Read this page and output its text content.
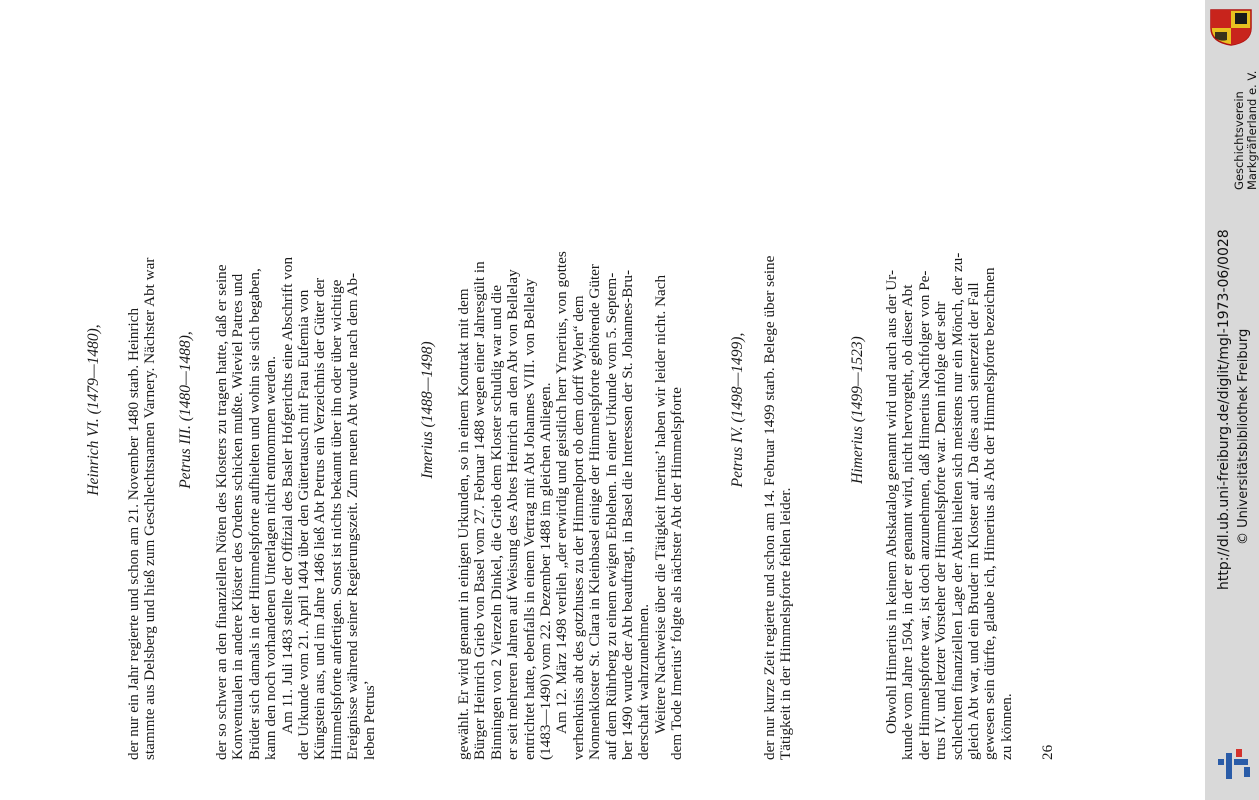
Heinrich VI. (1479—1480), der nur ein Jahr regierte und schon am 21. November 1480 starb. Heinrich stammte aus Delsberg und hieß zum Geschlechtsnamen Varnery. Nächster Abt war Petrus III. (1480—1488), der so schwer an den finanziellen Nöten des Klosters zu tragen hatte, daß er seine Konventualen in andere Klöster des Ordens schicken mußte. Wieviel Patres und Brüder sich damals in der Himmelspforte aufhielten und wohin sie sich begaben, kann den noch vorhandenen Unterlagen nicht entnommen werden. Am 11. Juli 1483 stellte der Offizial des Basler Hofgerichts eine Abschrift von der Urkunde vom 21. April 1404 über den Gütertausch mit Frau Eufemia von Küngstein aus, und im Jahre 1486 ließ Abt Petrus ein Verzeichnis der Güter der Himmelspforte anfertigen. Sonst ist nichts bekannt über ihn oder über wichtige Ereignisse während seiner Regierungszeit. Zum neuen Abt wurde nach dem Ab- leben Petrus’

Imerius (1488—1498) gewählt. Er wird genannt in einigen Urkunden, so in einem Kontrakt mit dem Bürger Heinrich Grieb von Basel vom 27. Februar 1488 wegen einer Jahresgült in Binningen von 2 Vierzeln Dinkel, die Grieb dem Kloster schuldig war und die er seit mehreren Jahren auf Weisung des Abtes Heinrich an den Abt von Bellelay entrichtet hatte, ebenfalls in einem Vertrag mit Abt Johannes VIII. von Bellelay (1483—1490) vom 22. Dezember 1488 im gleichen Anliegen. Am 12. März 1498 verlieh „der erwirdig und geistlich herr Ymerius, von gottes verhenkniss abt des gotzhuses zu der Himmelport ob dem dorff Wylen“ dem Nonnenkloster St. Clara in Kleinbasel einige der Himmelspforte gehörende Güter auf dem Rührberg zu einem ewigen Erblehen. In einer Urkunde vom 5. Septem- ber 1490 wurde der Abt beauftragt, in Basel die Interessen der St. Johannes-Bru- derschaft wahrzunehmen. Weitere Nachweise über die Tätigkeit Imerius’ haben wir leider nicht. Nach dem Tode Imerius’ folgte als nächster Abt der Himmelspforte	Petrus IV. (1498—1499), der nur kurze Zeit regierte und schon am 14. Februar 1499 starb. Belege über seine Tätigkeit in der Himmelspforte fehlen leider.

Himerius (1499—1523) Obwohl Himerius in keinem Abtskatalog genannt wird und auch aus der Ur- kunde vom Jahre 1504, in der er genannt wird, nicht hervorgeht, ob dieser Abt der Himmelspforte war, ist doch anzunehmen, daß Himerius Nachfolger von Pe- trus IV. und letzter Vorsteher der Himmelspforte war. Denn infolge der sehr schlechten finanziellen Lage der Abtei hielten sich meistens nur ein Mönch, der zu- gleich Abt war, und ein Bruder im Kloster auf. Da dies auch seinerzeit der Fall gewesen sein dürfte, glaube ich, Himerius als Abt der Himmelspforte bezeichnen zu können. 26

Geschichtsverein Markgräflerland e. V.
http://dl.ub.uni-freiburg.de/diglit/mgl-1973-06/0028 © Universitätsbibliothek Freiburg
